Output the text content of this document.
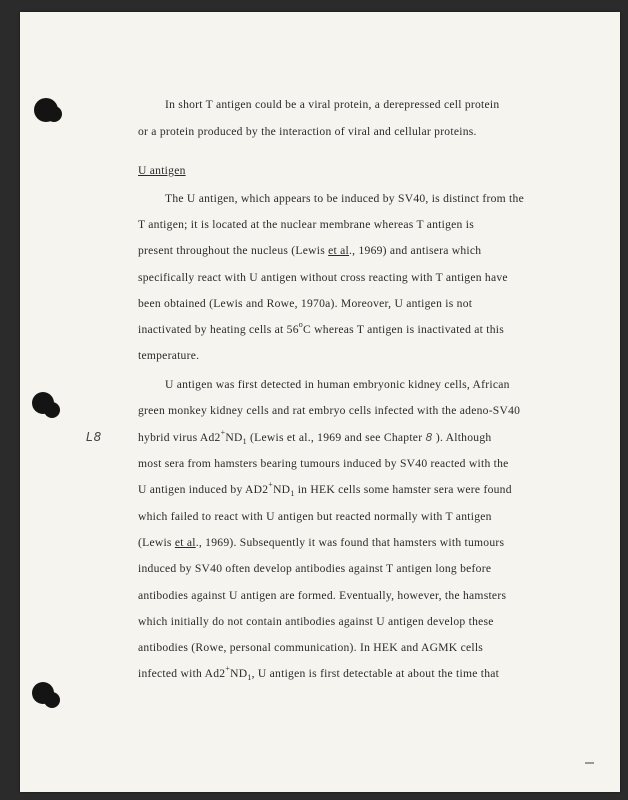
L8
In short T antigen could be a viral protein, a derepressed cell protein
or a protein produced by the interaction of viral and cellular proteins.
U antigen
The U antigen, which appears to be induced by SV40, is distinct from the
T antigen; it is located at the nuclear membrane whereas T antigen is
present throughout the nucleus (Lewis et al., 1969) and antisera which
specifically react with U antigen without cross reacting with T antigen have
been obtained (Lewis and Rowe, 1970a). Moreover, U antigen is not
inactivated by heating cells at 56$^o$C whereas T antigen is inactivated at this
temperature.
U antigen was first detected in human embryonic kidney cells, African
green monkey kidney cells and rat embryo cells infected with the adeno-SV40
hybrid virus $Ad2^+ND_1$ (Lewis et al., 1969 and see Chapter 8 ). Although
most sera from hamsters bearing tumours induced by SV40 reacted with the
U antigen induced by $AD2^+ND_1$ in HEK cells some hamster sera were found
which failed to react with U antigen but reacted normally with T antigen
(Lewis et al., 1969). Subsequently it was found that hamsters with tumours
induced by SV40 often develop antibodies against T antigen long before
antibodies against U antigen are formed. Eventually, however, the hamsters
which initially do not contain antibodies against U antigen develop these
antibodies (Rowe, personal communication). In HEK and AGMK cells
infected with $Ad2^+ND_1$, U antigen is first detectable at about the time that
